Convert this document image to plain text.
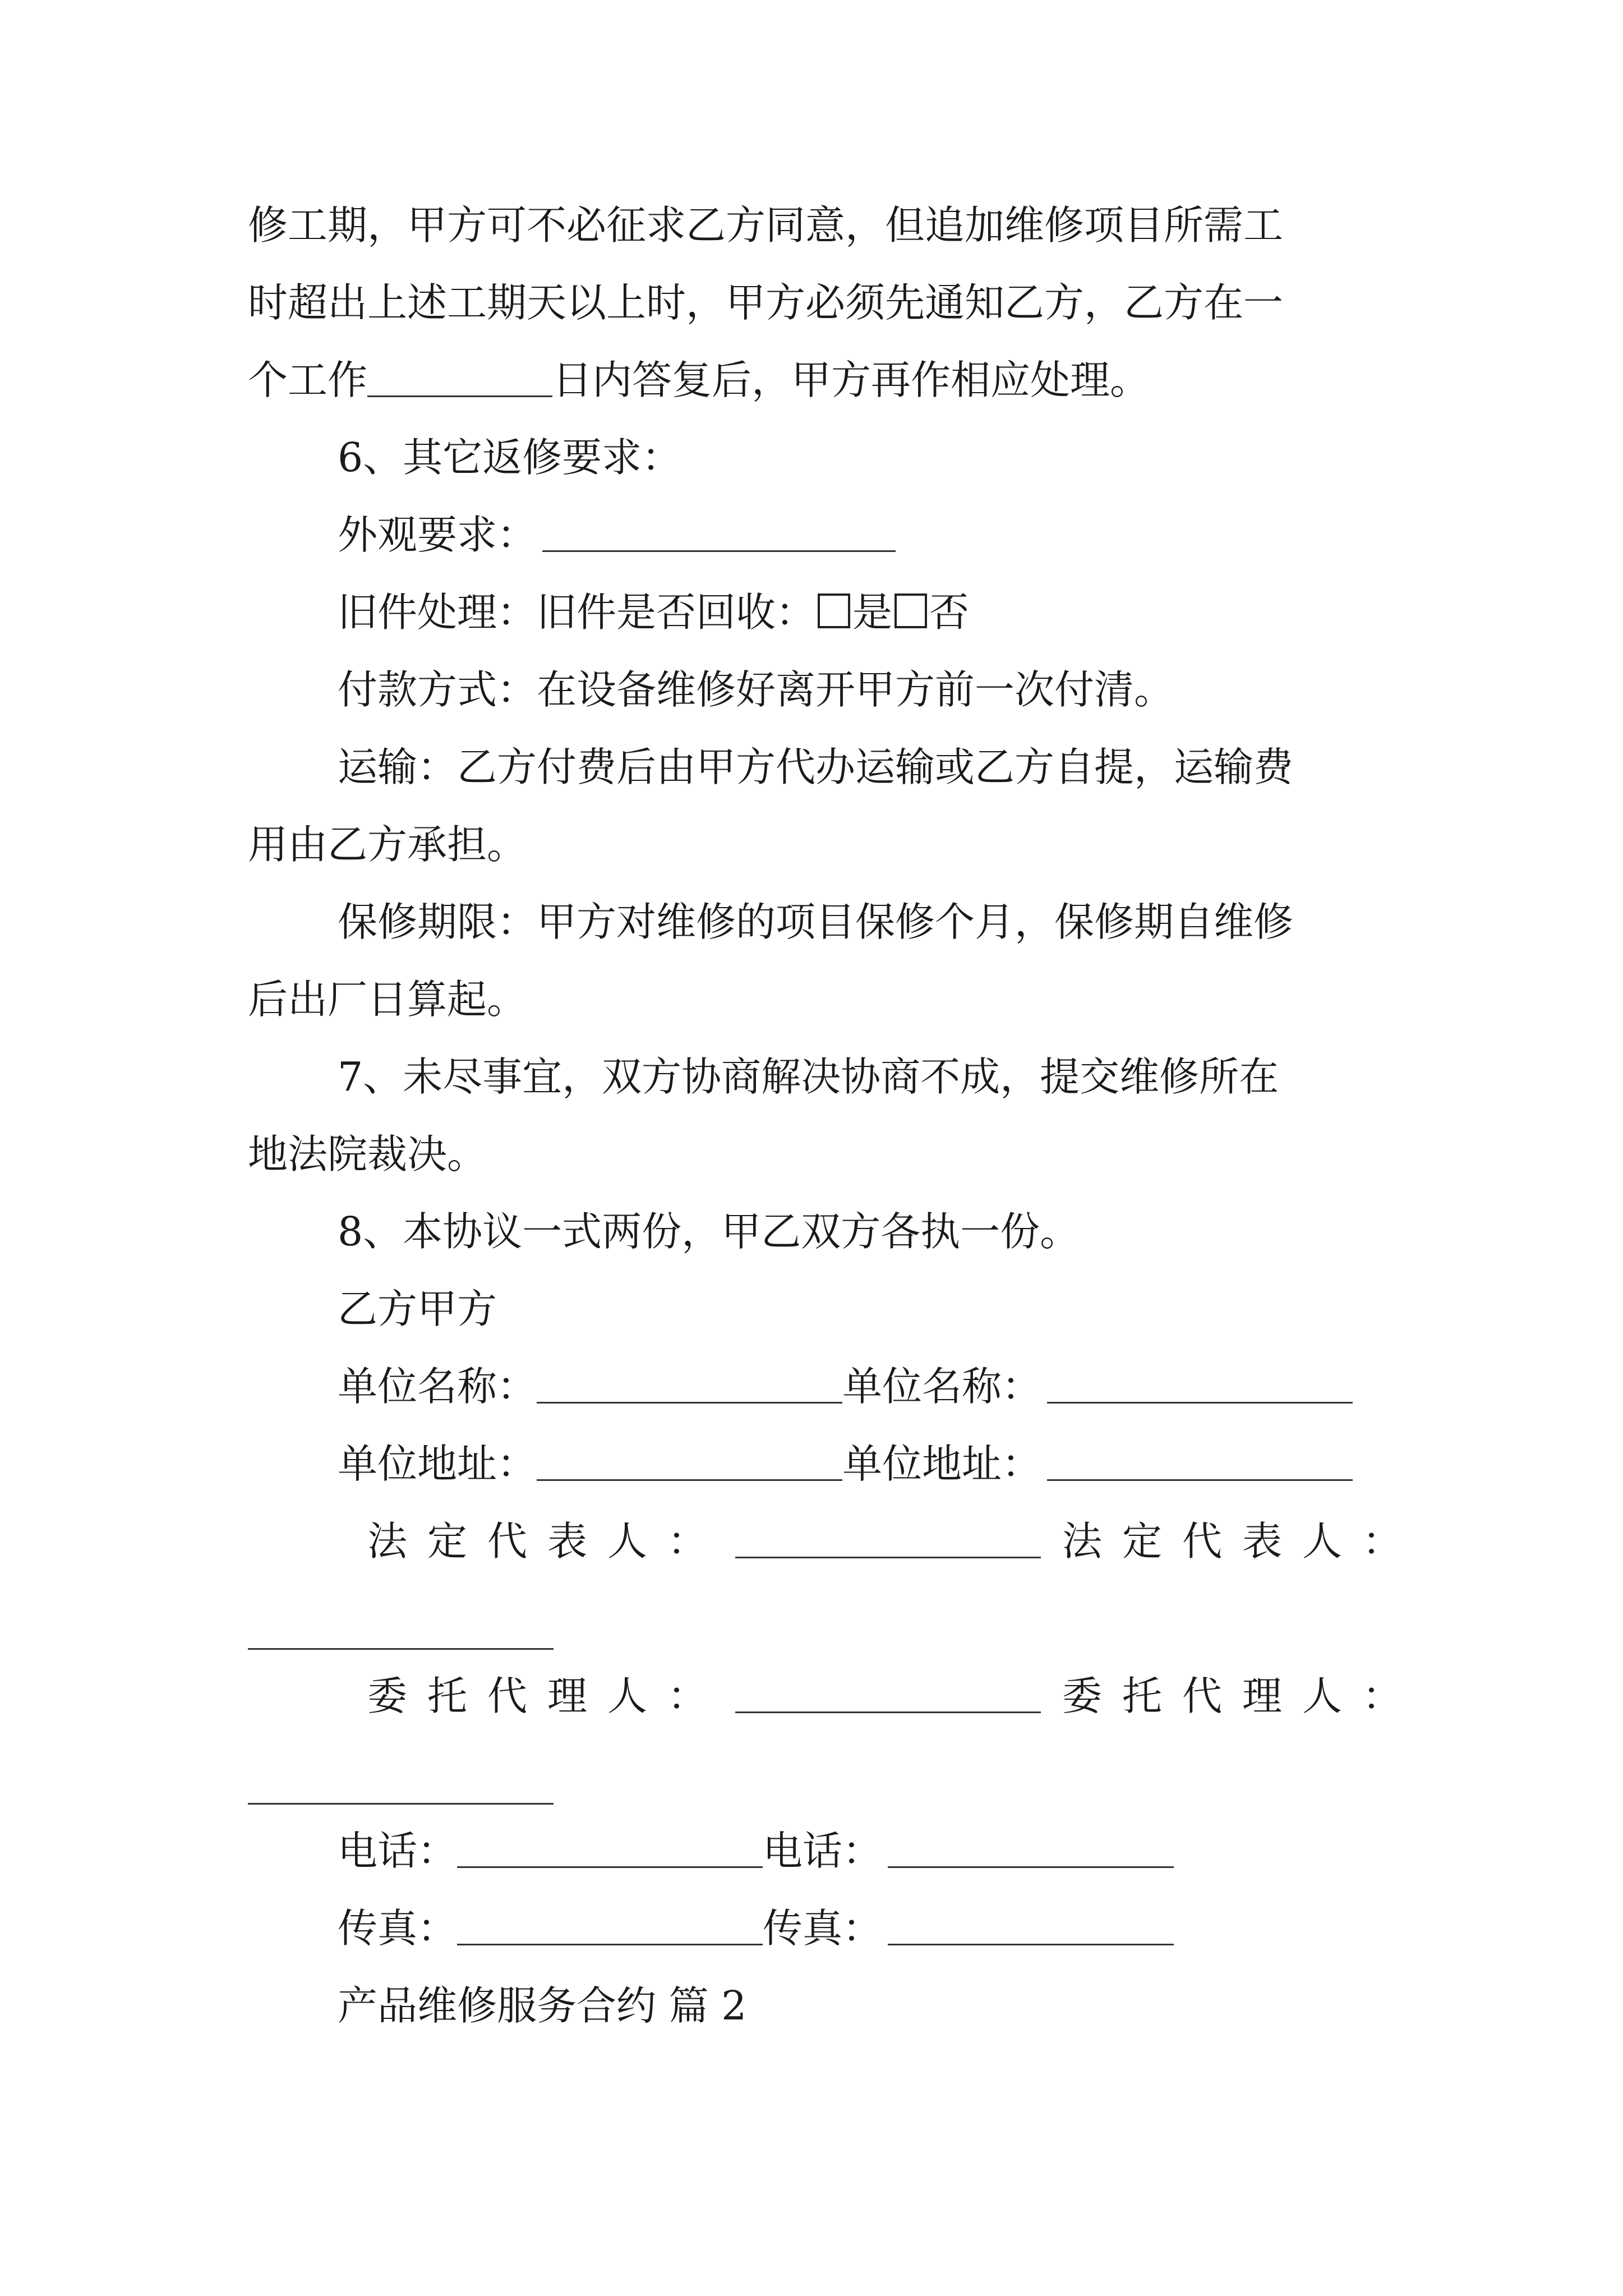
修工期，甲方可不必征求乙方同意，但追加维修项目所需工
时超出上述工期天以上时，甲方必须先通知乙方，乙方在一
个工作	日内答复后，甲方再作相应处理。
6、其它返修要求：
外观要求：
旧件处理：旧件是否回收： 是 否
付款方式：在设备维修好离开甲方前一次付清。
运输：乙方付费后由甲方代办运输或乙方自提，运输费
用由乙方承担。
保修期限：甲方对维修的项目保修个月，保修期自维修
后出厂日算起。
7、未尽事宜，双方协商解决协商不成，提交维修所在
地法院裁决。
8、本协议一式两份，甲乙双方各执一份。
乙方甲方
单位名称：	单位名称：
单位地址：	单位地址：
法定代表人：	法定代表人：
委托代理人：	委托代理人：
电话：	电话：
传真：	传真：
产品维修服务合约 篇 2
